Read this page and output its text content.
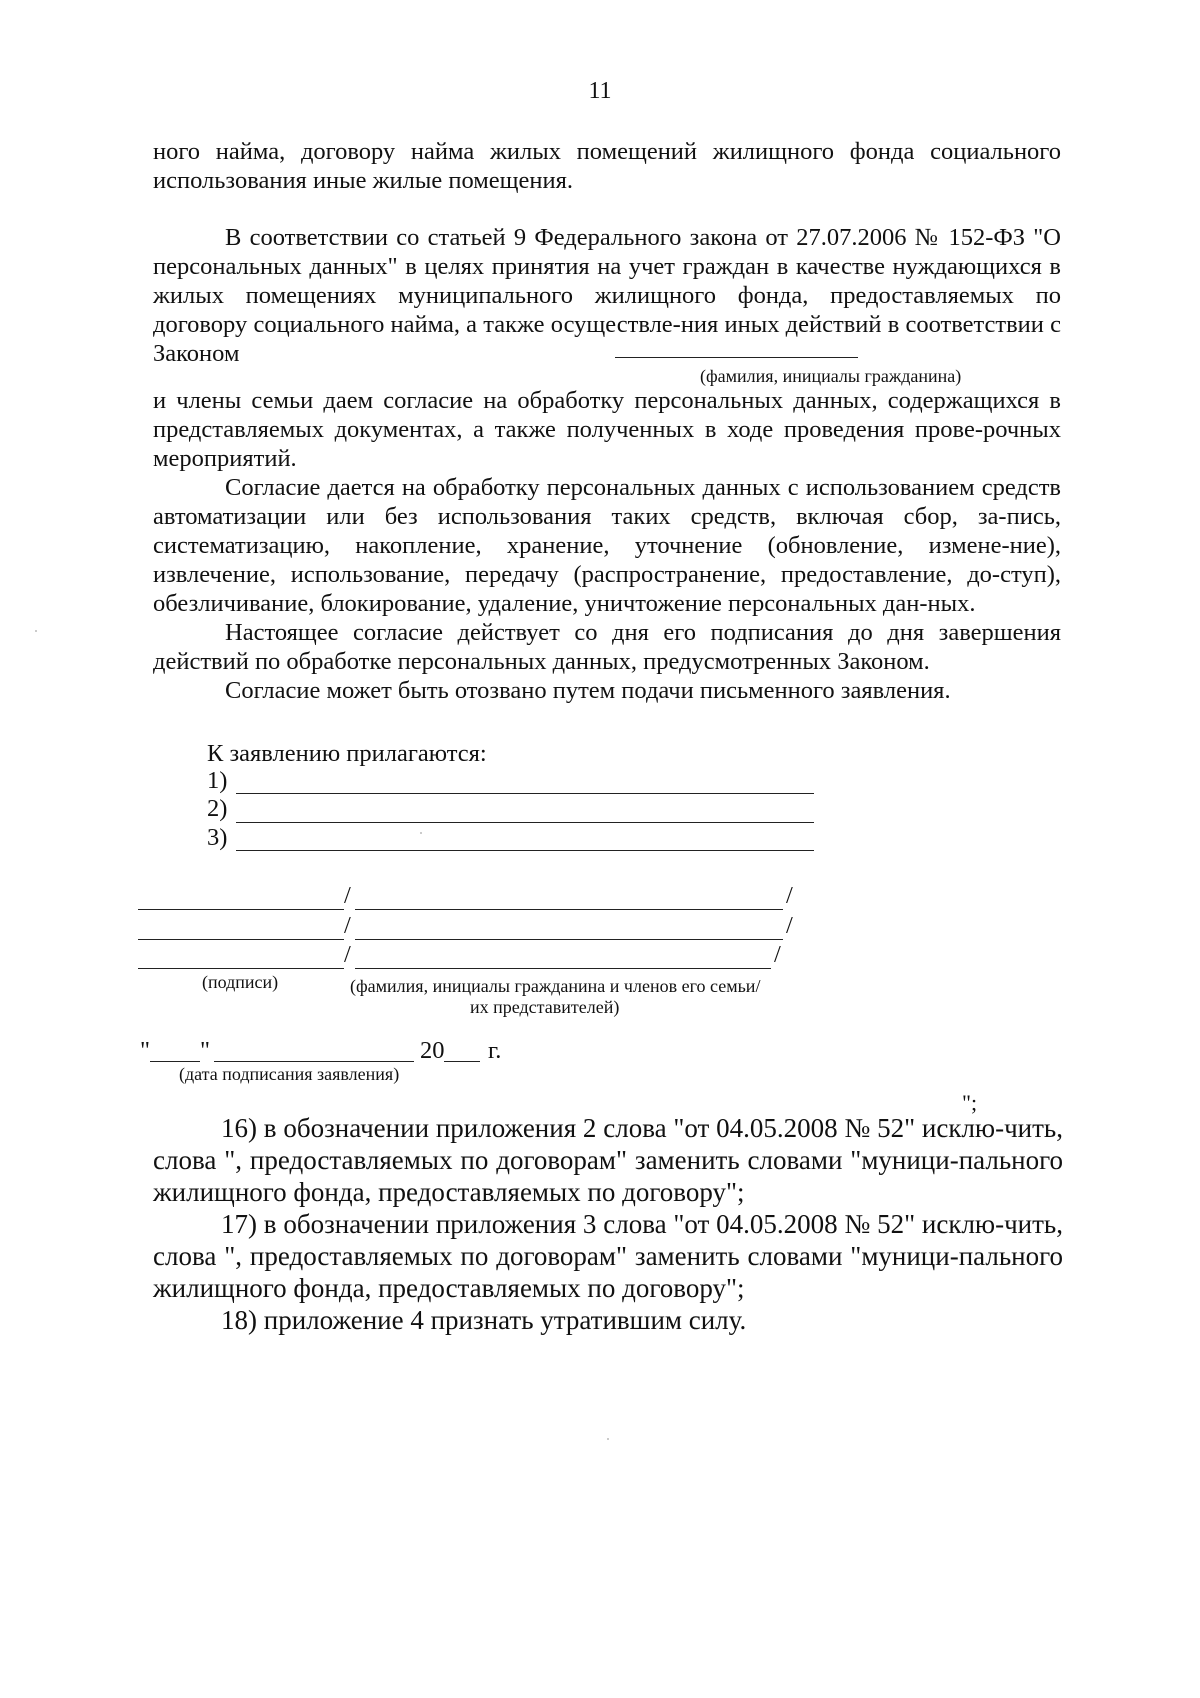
11

ного найма, договору найма жилых помещений жилищного фонда социального использования иные жилые помещения.

В соответствии со статьей 9 Федерального закона от 27.07.2006 № 152-ФЗ "О персональных данных" в целях принятия на учет граждан в качестве нуждающихся в жилых помещениях муниципального жилищного фонда, предоставляемых по договору социального найма, а также осуществле-ния иных действий в соответствии с Законом

(фамилия, инициалы гражданина)

и члены семьи даем согласие на обработку персональных данных, содержащихся в представляемых документах, а также полученных в ходе проведения прове-рочных мероприятий.

Согласие дается на обработку персональных данных с использованием средств автоматизации или без использования таких средств, включая сбор, за-пись, систематизацию, накопление, хранение, уточнение (обновление, измене-ние), извлечение, использование, передачу (распространение, предоставление, до-ступ), обезличивание, блокирование, удаление, уничтожение персональных дан-ных.

Настоящее согласие действует со дня его подписания до дня завершения действий по обработке персональных данных, предусмотренных Законом.

Согласие может быть отозвано путем подачи письменного заявления.

К заявлению прилагаются:
1)
2)
3)
/	/
/	/
/	/
(подписи)	(фамилия, инициалы гражданина и членов его семьи/
их представителей)
" "	20 г.
(дата подписания заявления)
";

16) в обозначении приложения 2 слова "от 04.05.2008 № 52" исклю-чить, слова ", предоставляемых по договорам" заменить словами "муници-пального жилищного фонда, предоставляемых по договору";

17) в обозначении приложения 3 слова "от 04.05.2008 № 52" исклю-чить, слова ", предоставляемых по договорам" заменить словами "муници-пального жилищного фонда, предоставляемых по договору";

18) приложение 4 признать утратившим силу.
